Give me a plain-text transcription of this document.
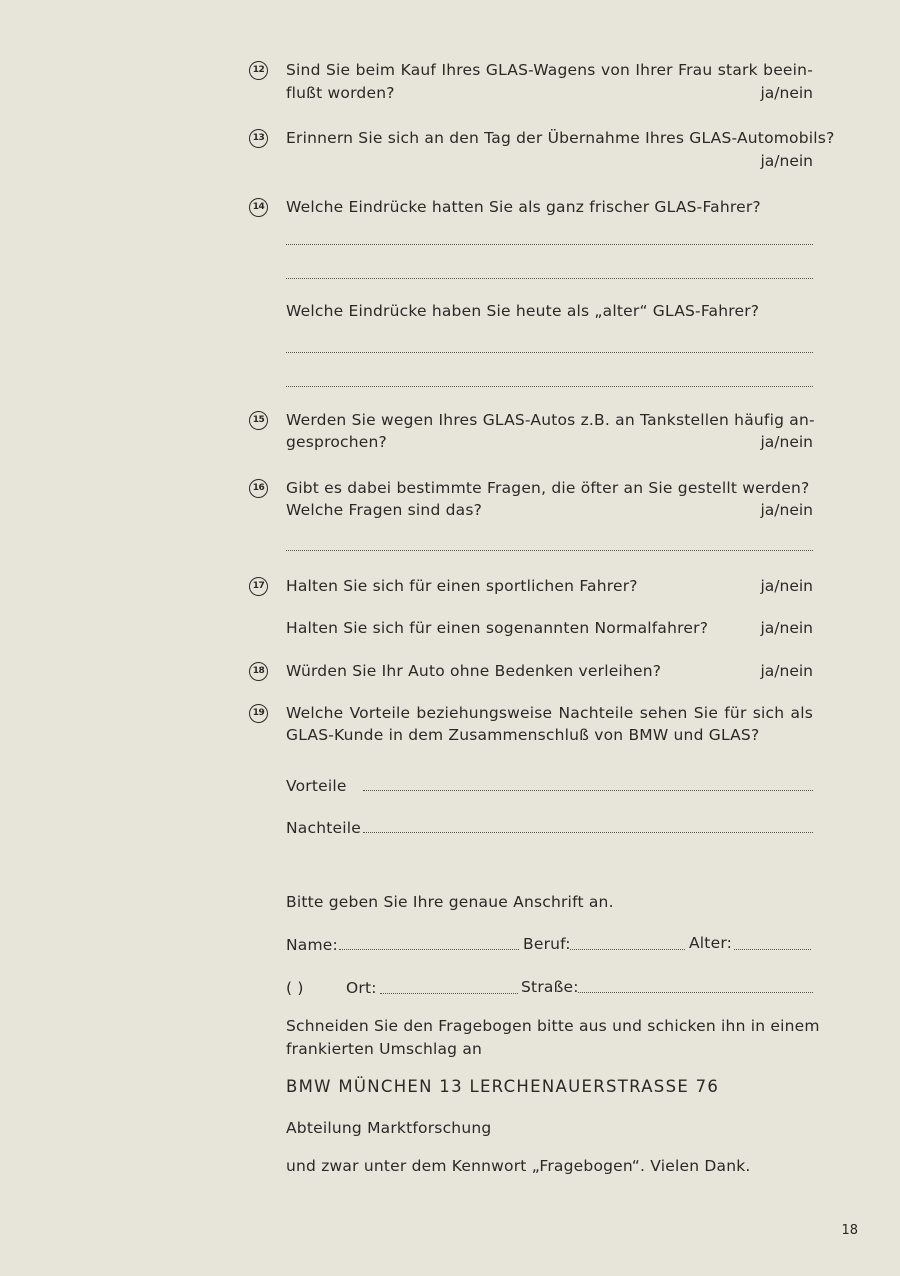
12 Sind Sie beim Kauf Ihres GLAS-Wagens von Ihrer Frau stark beein-
flußt worden?	ja/nein
13 Erinnern Sie sich an den Tag der Übernahme Ihres GLAS-Automobils?
ja/nein
14 Welche Eindrücke hatten Sie als ganz frischer GLAS-Fahrer?
Welche Eindrücke haben Sie heute als „alter“ GLAS-Fahrer?
15 Werden Sie wegen Ihres GLAS-Autos z.B. an Tankstellen häufig an-
gesprochen?	ja/nein
16 Gibt es dabei bestimmte Fragen, die öfter an Sie gestellt werden?
Welche Fragen sind das?	ja/nein
17 Halten Sie sich für einen sportlichen Fahrer?	ja/nein
Halten Sie sich für einen sogenannten Normalfahrer?	ja/nein
18 Würden Sie Ihr Auto ohne Bedenken verleihen?	ja/nein
19 Welche Vorteile beziehungsweise Nachteile sehen Sie für sich als
GLAS-Kunde in dem Zusammenschluß von BMW und GLAS?
Vorteile
Nachteile
Bitte geben Sie Ihre genaue Anschrift an.
Name:	Beruf:	Alter:
( )	Ort:	Straße:
Schneiden Sie den Fragebogen bitte aus und schicken ihn in einem
frankierten Umschlag an
BMW MÜNCHEN 13 LERCHENAUERSTRASSE 76
Abteilung Marktforschung
und zwar unter dem Kennwort „Fragebogen“. Vielen Dank.
18
